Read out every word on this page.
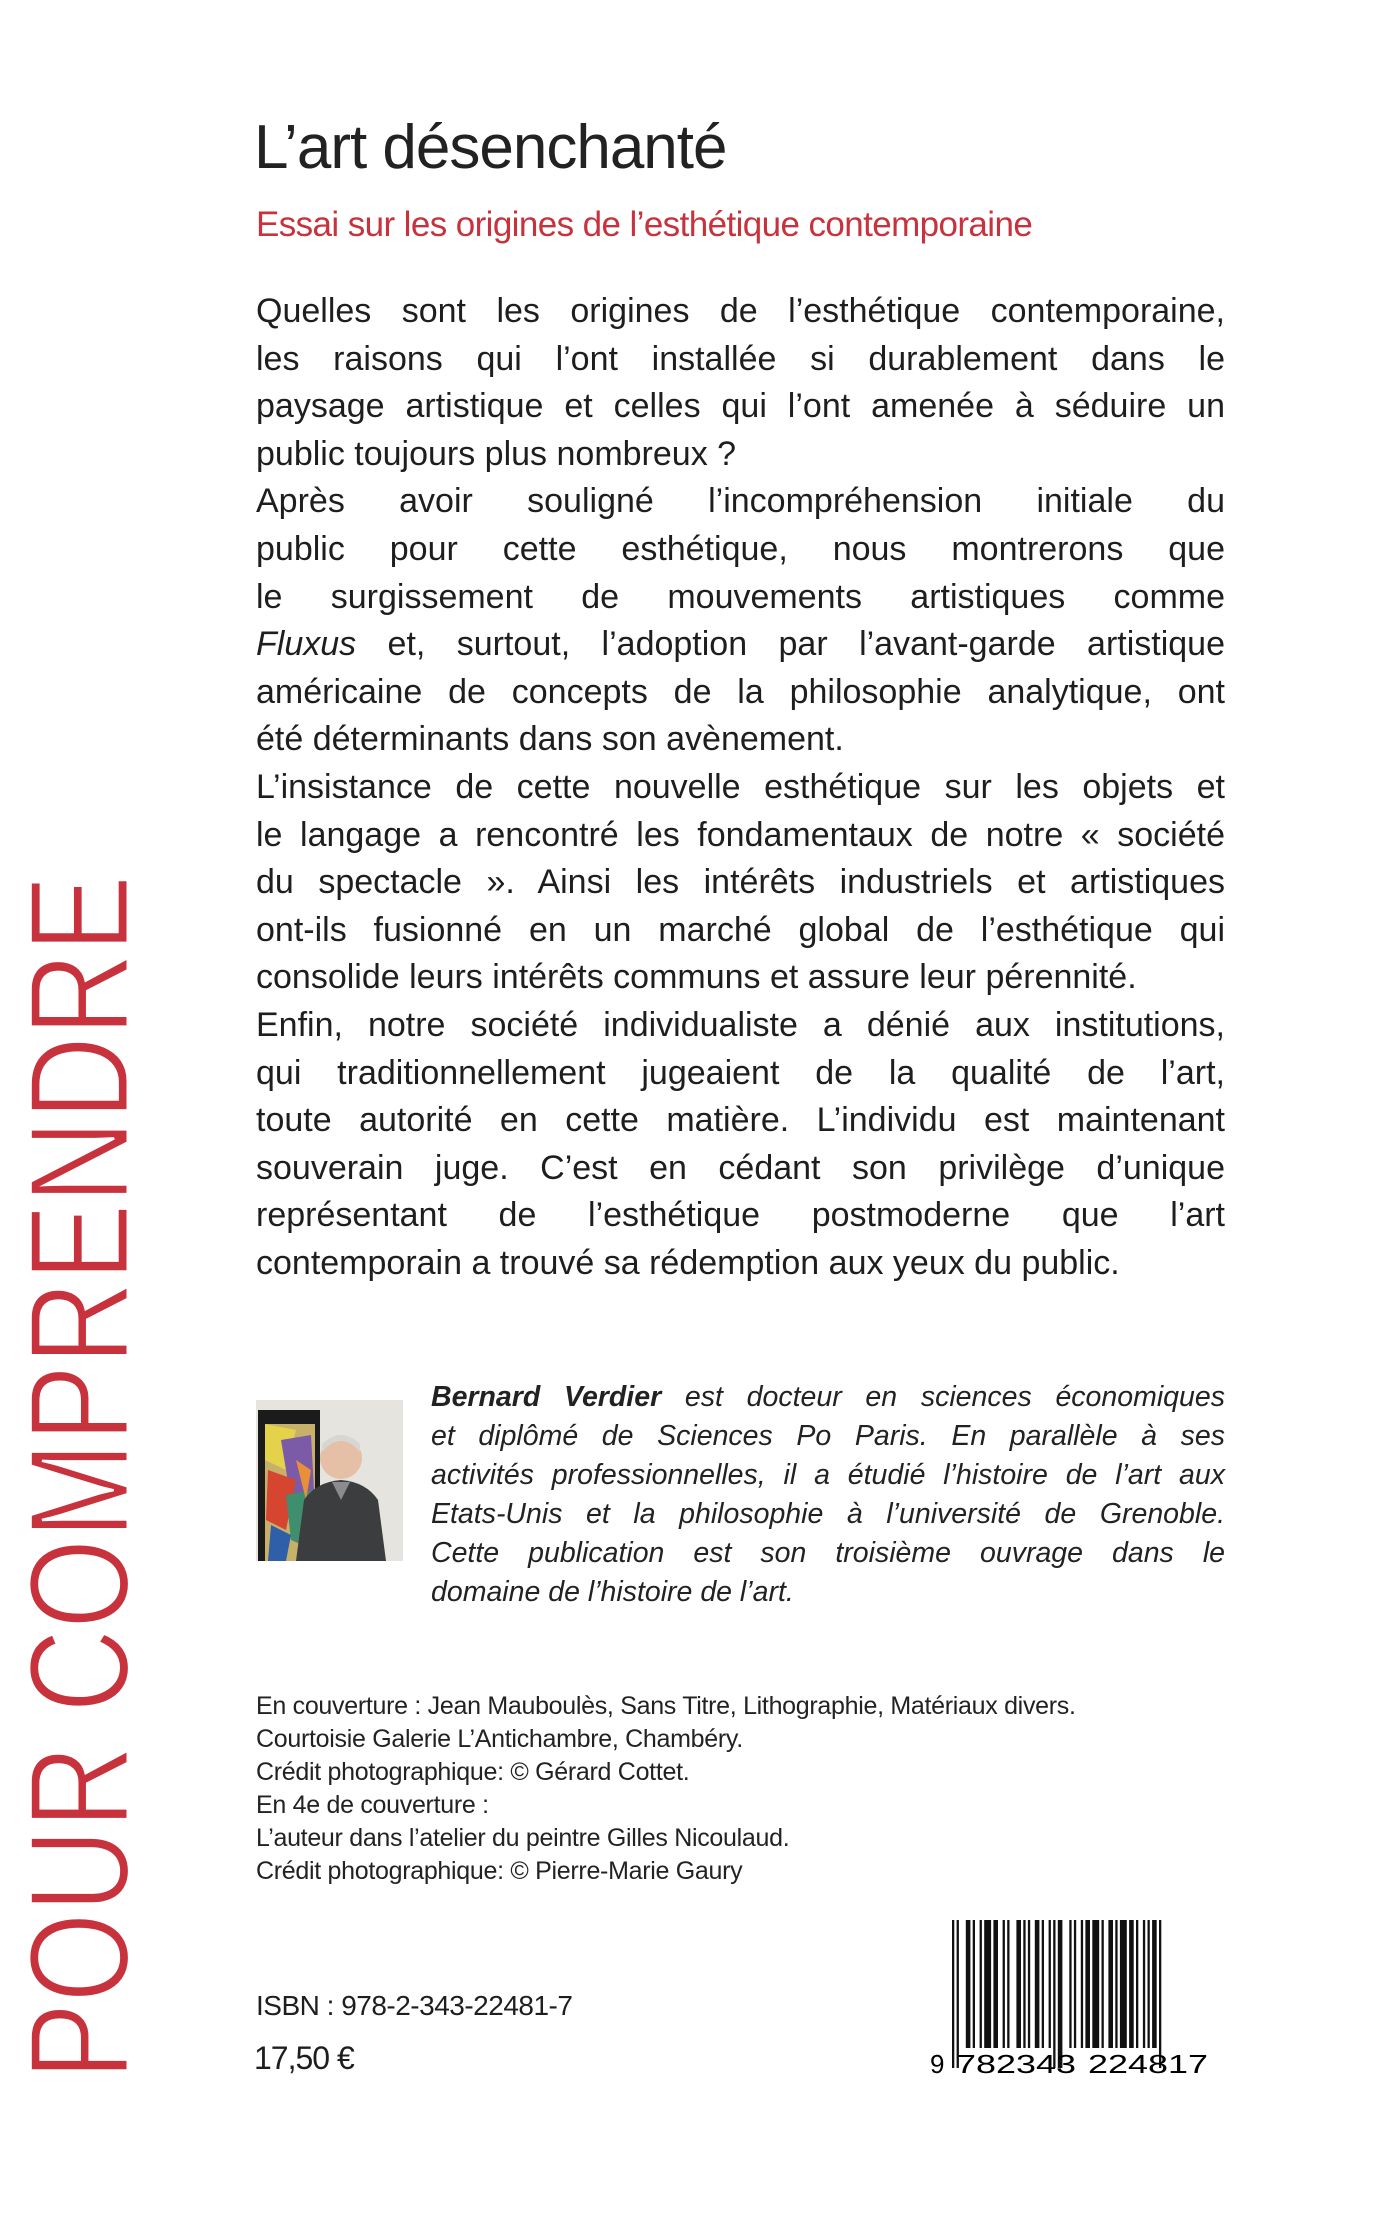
L’art désenchanté
Essai sur les origines de l’esthétique contemporaine
POUR COMPRENDRE
Quelles sont les origines de l’esthétique contemporaine,
les raisons qui l’ont installée si durablement dans le
paysage artistique et celles qui l’ont amenée à séduire un
public toujours plus nombreux ?
Après avoir souligné l’incompréhension initiale du
public pour cette esthétique, nous montrerons que
le surgissement de mouvements artistiques comme
Fluxus et, surtout, l’adoption par l’avant-garde artistique
américaine de concepts de la philosophie analytique, ont
été déterminants dans son avènement.
L’insistance de cette nouvelle esthétique sur les objets et
le langage a rencontré les fondamentaux de notre « société
du spectacle ». Ainsi les intérêts industriels et artistiques
ont-ils fusionné en un marché global de l’esthétique qui
consolide leurs intérêts communs et assure leur pérennité.
Enfin, notre société individualiste a dénié aux institutions,
qui traditionnellement jugeaient de la qualité de l’art,
toute autorité en cette matière. L’individu est maintenant
souverain juge. C’est en cédant son privilège d’unique
représentant de l’esthétique postmoderne que l’art
contemporain a trouvé sa rédemption aux yeux du public.
Bernard Verdier est docteur en sciences économiques
et diplômé de Sciences Po Paris. En parallèle à ses
activités professionnelles, il a étudié l’histoire de l’art aux
Etats-Unis et la philosophie à l’université de Grenoble.
Cette publication est son troisième ouvrage dans le
domaine de l’histoire de l’art.
En couverture : Jean Mauboulès, Sans Titre, Lithographie, Matériaux divers.
Courtoisie Galerie L’Antichambre, Chambéry.
Crédit photographique: © Gérard Cottet.
En 4e de couverture :
L’auteur dans l’atelier du peintre Gilles Nicoulaud.
Crédit photographique: © Pierre-Marie Gaury
ISBN : 978-2-343-22481-7
17,50 €	9 782343 224817
